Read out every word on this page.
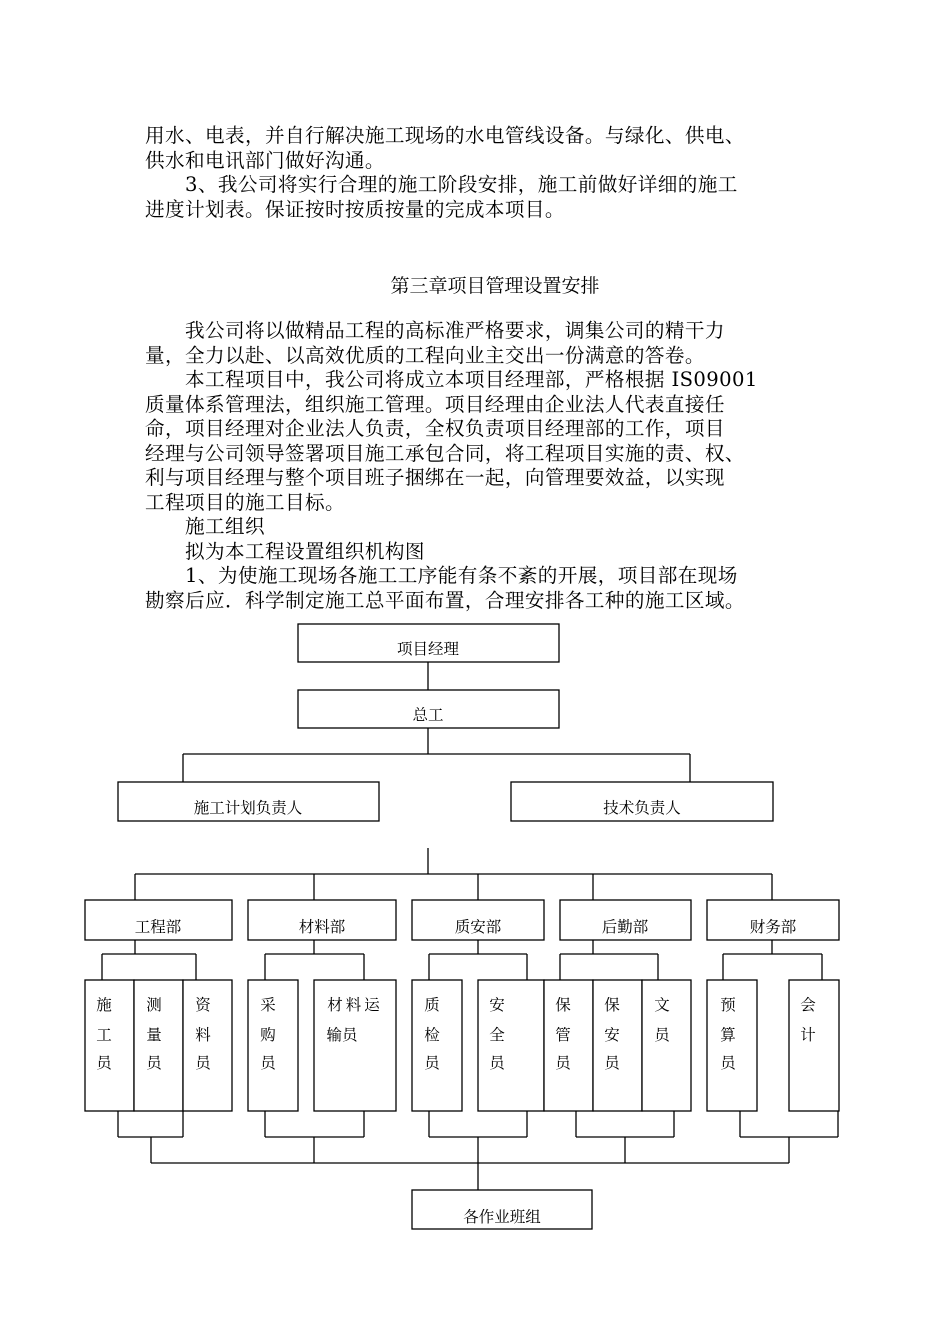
用水、电表，并自行解决施工现场的水电管线设备。与绿化、供电、
供水和电讯部门做好沟通。
　　3、我公司将实行合理的施工阶段安排，施工前做好详细的施工
进度计划表。保证按时按质按量的完成本项目。
第三章项目管理设置安排
　　我公司将以做精品工程的高标准严格要求，调集公司的精干力
量，全力以赴、以高效优质的工程向业主交出一份满意的答卷。
　　本工程项目中，我公司将成立本项目经理部，严格根据 IS09001
质量体系管理法，组织施工管理。项目经理由企业法人代表直接任
命，项目经理对企业法人负责，全权负责项目经理部的工作，项目
经理与公司领导签署项目施工承包合同，将工程项目实施的责、权、
利与项目经理与整个项目班子捆绑在一起，向管理要效益，以实现
工程项目的施工目标。
　　施工组织
　　拟为本工程设置组织机构图
　　1、为使施工现场各施工工序能有条不紊的开展，项目部在现场
勘察后应．科学制定施工总平面布置，合理安排各工种的施工区域。
项目经理
总工
施工计划负责人	技术负责人
工程部	材料部	质安部	后勤部	财务部
施
工
员
测
量
员
资
料
员
采
购
员
材料运
输员
质
检
员
安
全
员
保
管
员
保
安
员
文
员
预
算
员
会
计
各作业班组
